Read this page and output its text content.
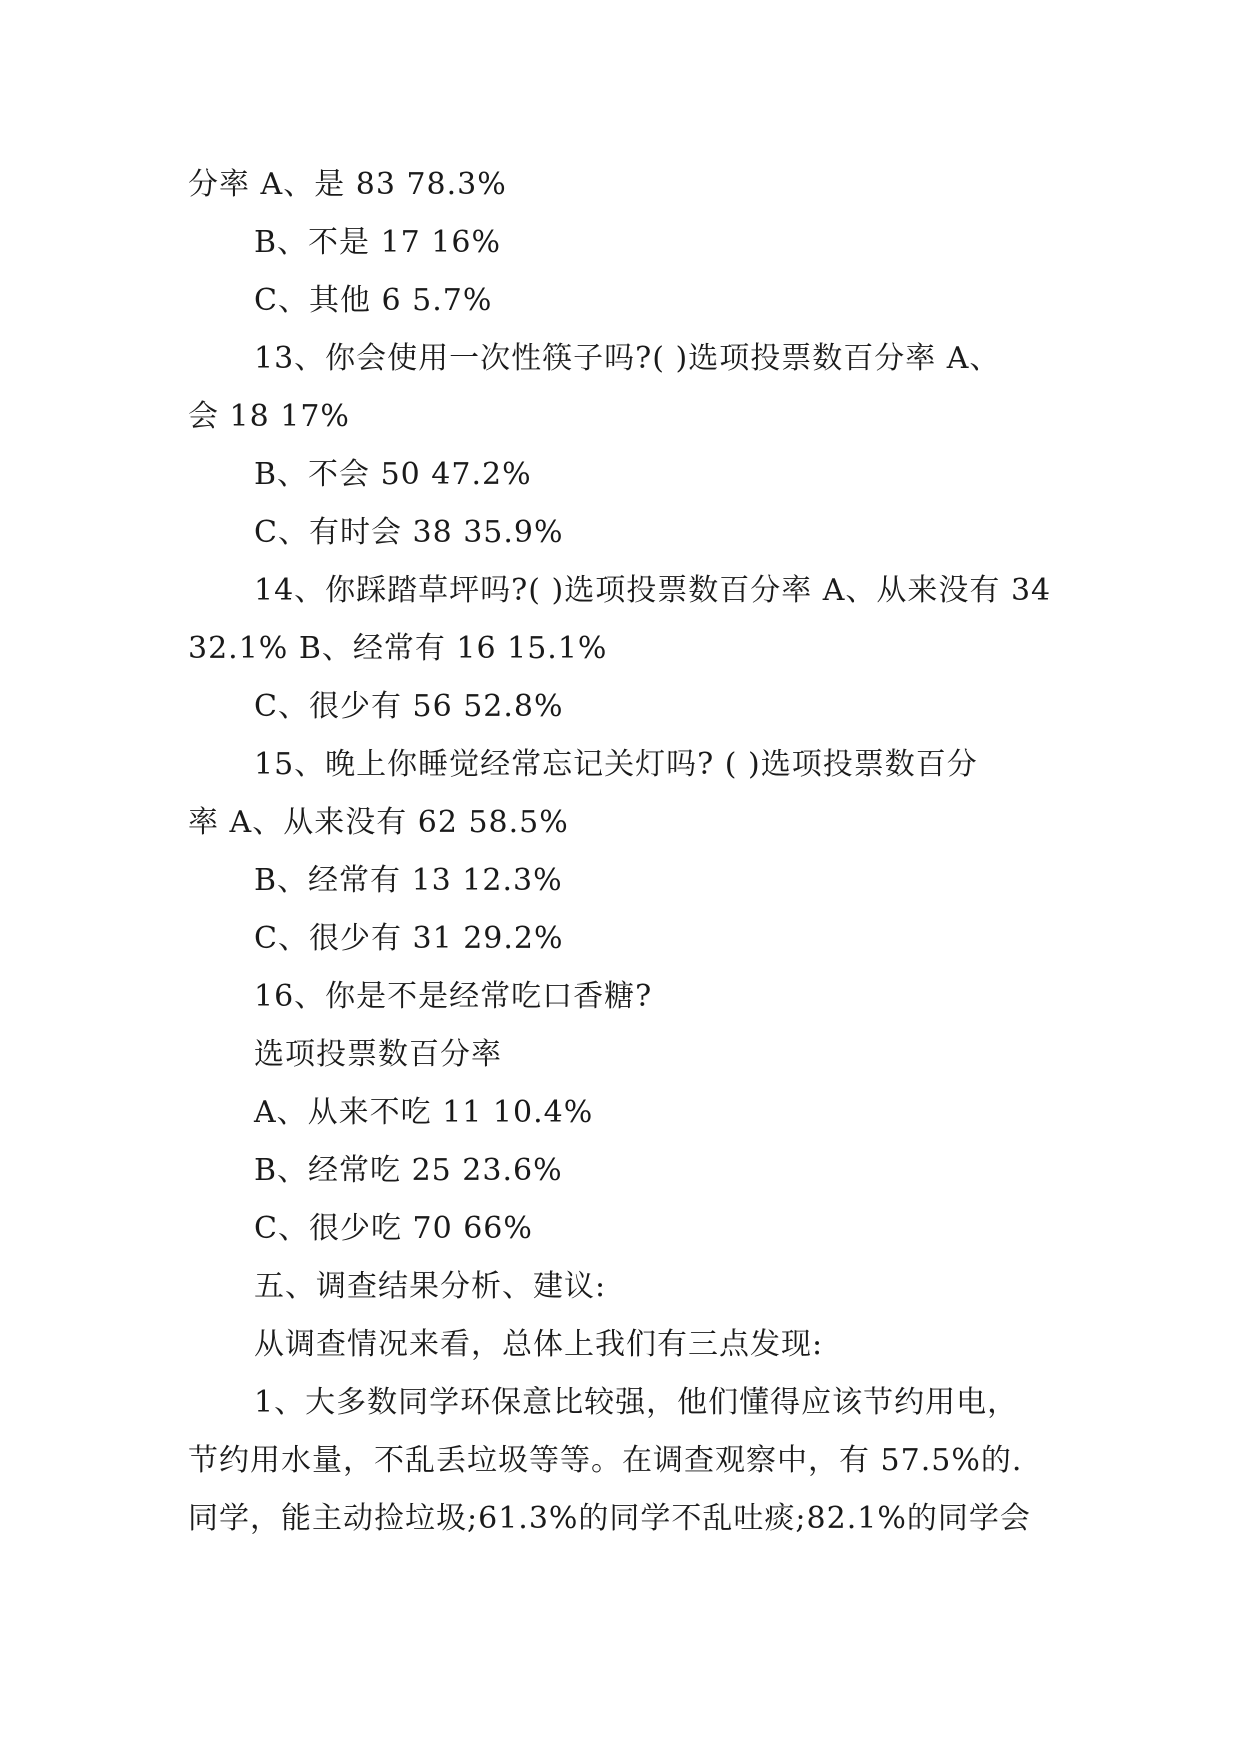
分率 A、是 83 78.3%
B、不是 17 16%
C、其他 6 5.7%
13、你会使用一次性筷子吗?( )选项投票数百分率 A、
会 18 17%
B、不会 50 47.2%
C、有时会 38 35.9%
14、你踩踏草坪吗?( )选项投票数百分率 A、从来没有 34
32.1% B、经常有 16 15.1%
C、很少有 56 52.8%
15、晚上你睡觉经常忘记关灯吗? ( )选项投票数百分
率 A、从来没有 62 58.5%
B、经常有 13 12.3%
C、很少有 31 29.2%
16、你是不是经常吃口香糖?
选项投票数百分率
A、从来不吃 11 10.4%
B、经常吃 25 23.6%
C、很少吃 70 66%
五、调查结果分析、建议:
从调查情况来看，总体上我们有三点发现:
1、大多数同学环保意比较强，他们懂得应该节约用电，
节约用水量，不乱丢垃圾等等。在调查观察中，有 57.5%的.
同学，能主动捡垃圾;61.3%的同学不乱吐痰;82.1%的同学会
